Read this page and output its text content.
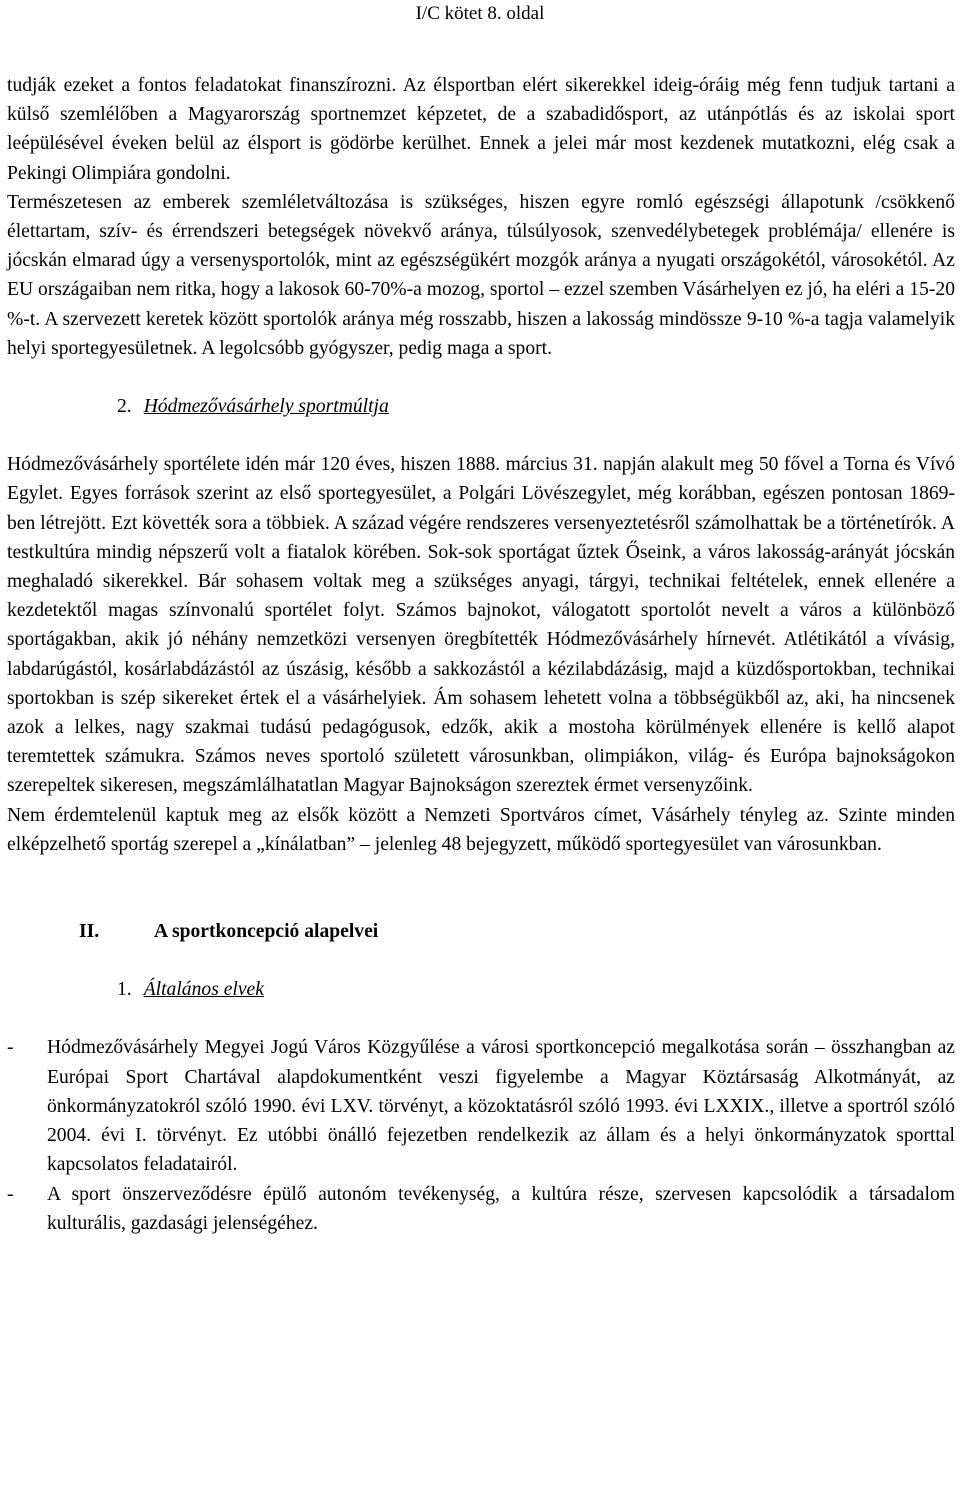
I/C kötet 8. oldal

tudják ezeket a fontos feladatokat finanszírozni. Az élsportban elért sikerekkel ideig-óráig még fenn tudjuk tartani a külső szemlélőben a Magyarország sportnemzet képzetet, de a szabadidősport, az utánpótlás és az iskolai sport leépülésével éveken belül az élsport is gödörbe kerülhet. Ennek a jelei már most kezdenek mutatkozni, elég csak a Pekingi Olimpiára gondolni.

Természetesen az emberek szemléletváltozása is szükséges, hiszen egyre romló egészségi állapotunk /csökkenő élettartam, szív- és érrendszeri betegségek növekvő aránya, túlsúlyosok, szenvedélybetegek problémája/ ellenére is jócskán elmarad úgy a versenysportolók, mint az egészségükért mozgók aránya a nyugati országokétól, városokétól. Az EU országaiban nem ritka, hogy a lakosok 60-70%-a mozog, sportol – ezzel szemben Vásárhelyen ez jó, ha eléri a 15-20 %-t. A szervezett keretek között sportolók aránya még rosszabb, hiszen a lakosság mindössze 9-10 %-a tagja valamelyik helyi sportegyesületnek. A legolcsóbb gyógyszer, pedig maga a sport.

2. Hódmezővásárhely sportmúltja

Hódmezővásárhely sportélete idén már 120 éves, hiszen 1888. március 31. napján alakult meg 50 fővel a Torna és Vívó Egylet. Egyes források szerint az első sportegyesület, a Polgári Lövészegylet, még korábban, egészen pontosan 1869-ben létrejött. Ezt követték sora a többiek. A század végére rendszeres versenyeztetésről számolhattak be a történetírók. A testkultúra mindig népszerű volt a fiatalok körében. Sok-sok sportágat űztek Őseink, a város lakosság-arányát jócskán meghaladó sikerekkel. Bár sohasem voltak meg a szükséges anyagi, tárgyi, technikai feltételek, ennek ellenére a kezdetektől magas színvonalú sportélet folyt. Számos bajnokot, válogatott sportolót nevelt a város a különböző sportágakban, akik jó néhány nemzetközi versenyen öregbítették Hódmezővásárhely hírnevét. Atlétikától a vívásig, labdarúgástól, kosárlabdázástól az úszásig, később a sakkozástól a kézilabdázásig, majd a küzdősportokban, technikai sportokban is szép sikereket értek el a vásárhelyiek. Ám sohasem lehetett volna a többségükből az, aki, ha nincsenek azok a lelkes, nagy szakmai tudású pedagógusok, edzők, akik a mostoha körülmények ellenére is kellő alapot teremtettek számukra. Számos neves sportoló született városunkban, olimpiákon, világ- és Európa bajnokságokon szerepeltek sikeresen, megszámlálhatatlan Magyar Bajnokságon szereztek érmet versenyzőink.

Nem érdemtelenül kaptuk meg az elsők között a Nemzeti Sportváros címet, Vásárhely tényleg az. Szinte minden elképzelhető sportág szerepel a „kínálatban” – jelenleg 48 bejegyzett, működő sportegyesület van városunkban.

II.	A sportkoncepció alapelvei

1. Általános elvek

- Hódmezővásárhely Megyei Jogú Város Közgyűlése a városi sportkoncepció megalkotása során – összhangban az Európai Sport Chartával alapdokumentként veszi figyelembe a Magyar Köztársaság Alkotmányát, az önkormányzatokról szóló 1990. évi LXV. törvényt, a közoktatásról szóló 1993. évi LXXIX., illetve a sportról szóló 2004. évi I. törvényt. Ez utóbbi önálló fejezetben rendelkezik az állam és a helyi önkormányzatok sporttal kapcsolatos feladatairól.
- A sport önszerveződésre épülő autonóm tevékenység, a kultúra része, szervesen kapcsolódik a társadalom kulturális, gazdasági jelenségéhez.
